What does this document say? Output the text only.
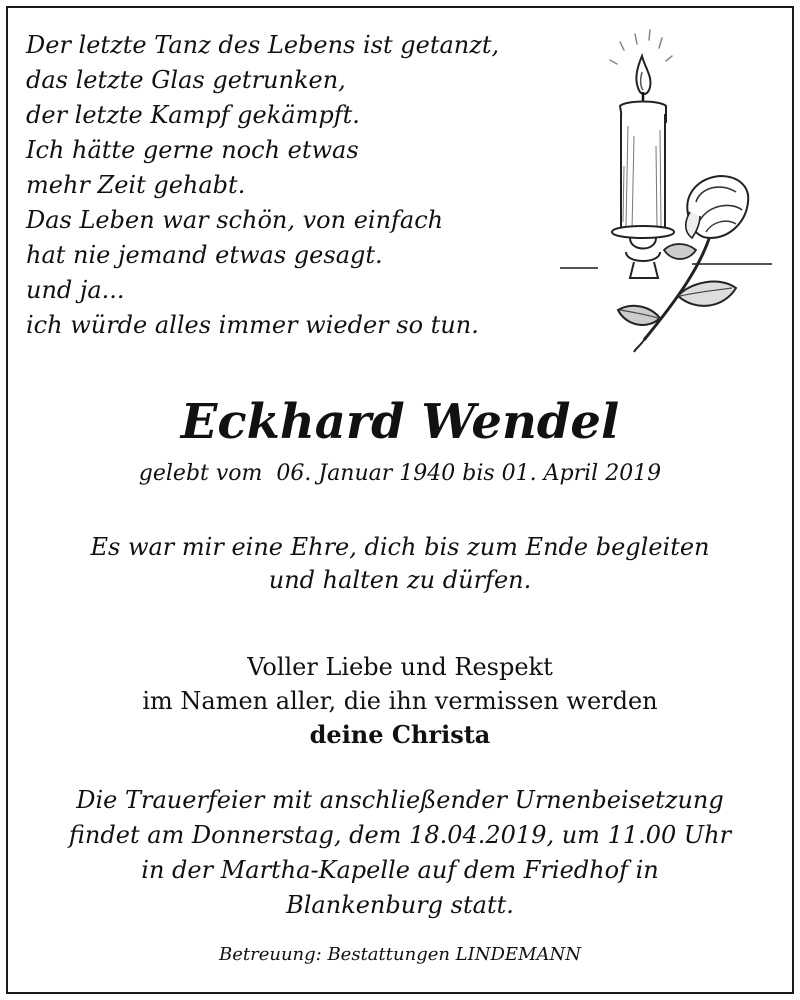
Der letzte Tanz des Lebens ist getanzt,
das letzte Glas getrunken,
der letzte Kampf gekämpft.
Ich hätte gerne noch etwas
mehr Zeit gehabt.
Das Leben war schön, von einfach
hat nie jemand etwas gesagt.
und ja...
ich würde alles immer wieder so tun.
Eckhard Wendel
gelebt vom  06. Januar 1940 bis 01. April 2019
Es war mir eine Ehre, dich bis zum Ende begleiten
und halten zu dürfen.
Voller Liebe und Respekt
im Namen aller, die ihn vermissen werden
deine Christa
Die Trauerfeier mit anschließender Urnenbeisetzung
findet am Donnerstag, dem 18.04.2019, um 11.00 Uhr
in der Martha-Kapelle auf dem Friedhof in
Blankenburg statt.
Betreuung: Bestattungen LINDEMANN
